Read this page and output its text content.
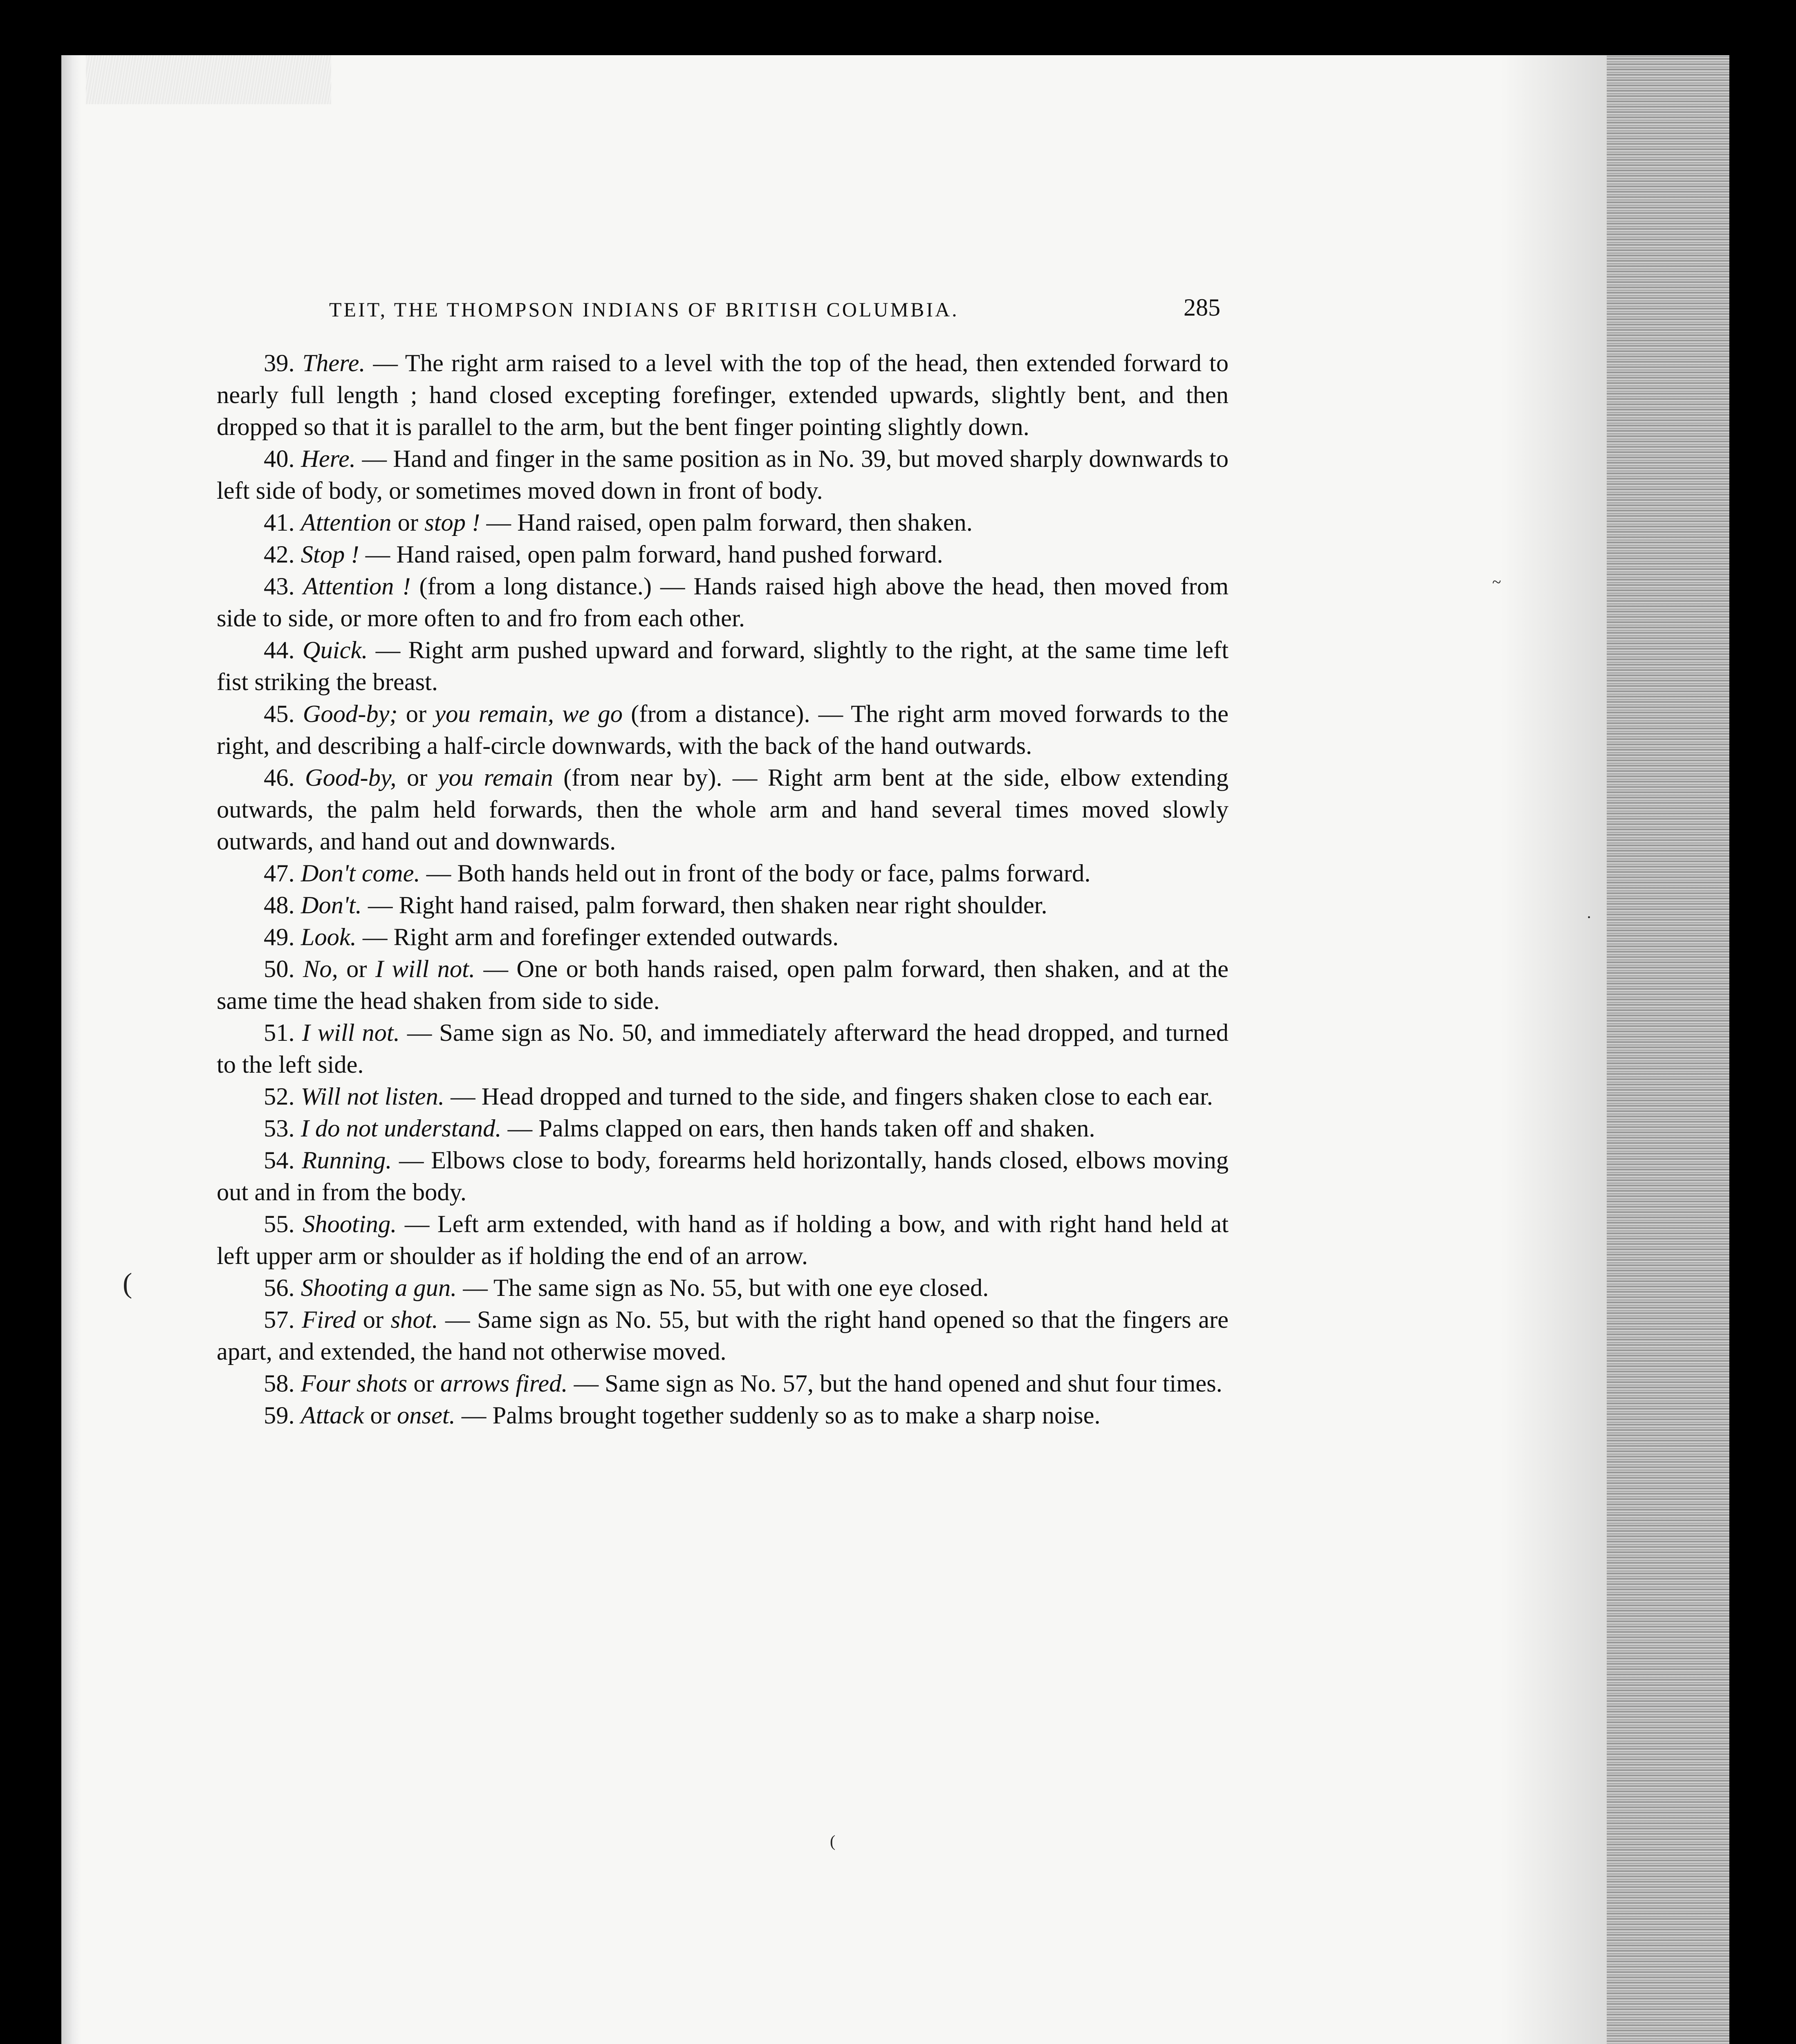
TEIT, THE THOMPSON INDIANS OF BRITISH COLUMBIA.	285

39. There. — The right arm raised to a level with the top of the head, then extended forward to nearly full length ; hand closed excepting forefinger, extended upwards, slightly bent, and then dropped so that it is parallel to the arm, but the bent finger pointing slightly down.

40. Here. — Hand and finger in the same position as in No. 39, but moved sharply downwards to left side of body, or sometimes moved down in front of body.

41. Attention or stop ! — Hand raised, open palm forward, then shaken.

42. Stop ! — Hand raised, open palm forward, hand pushed forward.

43. Attention ! (from a long distance.) — Hands raised high above the head, then moved from side to side, or more often to and fro from each other.

44. Quick. — Right arm pushed upward and forward, slightly to the right, at the same time left fist striking the breast.

45. Good-by; or you remain, we go (from a distance). — The right arm moved forwards to the right, and describing a half-circle downwards, with the back of the hand outwards.

46. Good-by, or you remain (from near by). — Right arm bent at the side, elbow extending outwards, the palm held forwards, then the whole arm and hand several times moved slowly outwards, and hand out and downwards.

47. Don't come. — Both hands held out in front of the body or face, palms forward.

48. Don't. — Right hand raised, palm forward, then shaken near right shoulder.

49. Look. — Right arm and forefinger extended outwards.

50. No, or I will not. — One or both hands raised, open palm forward, then shaken, and at the same time the head shaken from side to side.

51. I will not. — Same sign as No. 50, and immediately afterward the head dropped, and turned to the left side.

52. Will not listen. — Head dropped and turned to the side, and fingers shaken close to each ear.

53. I do not understand. — Palms clapped on ears, then hands taken off and shaken.

54. Running. — Elbows close to body, forearms held horizontally, hands closed, elbows moving out and in from the body.

55. Shooting. — Left arm extended, with hand as if holding a bow, and with right hand held at left upper arm or shoulder as if holding the end of an arrow.

56. Shooting a gun. — The same sign as No. 55, but with one eye closed.

57. Fired or shot. — Same sign as No. 55, but with the right hand opened so that the fingers are apart, and extended, the hand not otherwise moved.

58. Four shots or arrows fired. — Same sign as No. 57, but the hand opened and shut four times.

59. Attack or onset. — Palms brought together suddenly so as to make a sharp noise.

~
·
(
(
